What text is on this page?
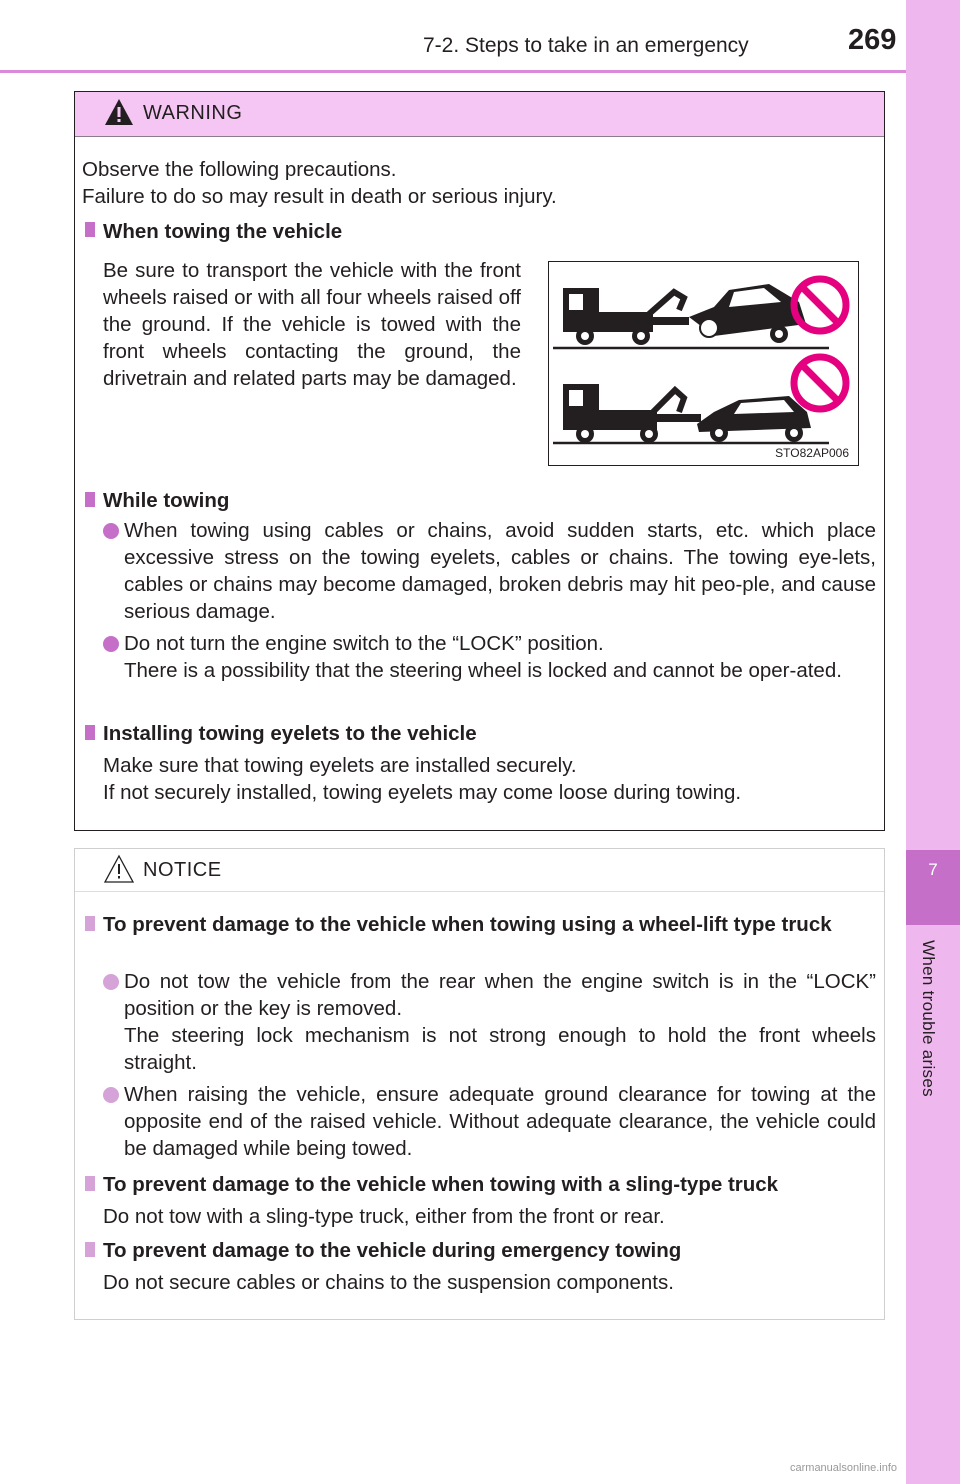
7-2. Steps to take in an emergency	269
7
When trouble arises
WARNING
Observe the following precautions.
Failure to do so may result in death or serious injury.
When towing the vehicle
Be sure to transport the vehicle with the front wheels raised or with all four wheels raised off the ground. If the vehicle is towed with the front wheels contacting the ground, the drivetrain and related parts may be damaged.
STO82AP006
While towing
When towing using cables or chains, avoid sudden starts, etc. which place excessive stress on the towing eyelets, cables or chains. The towing eye-lets, cables or chains may become damaged, broken debris may hit peo-ple, and cause serious damage.
Do not turn the engine switch to the “LOCK” position.
There is a possibility that the steering wheel is locked and cannot be oper-ated.
Installing towing eyelets to the vehicle
Make sure that towing eyelets are installed securely.
If not securely installed, towing eyelets may come loose during towing.
NOTICE
To prevent damage to the vehicle when towing using a wheel-lift type truck
Do not tow the vehicle from the rear when the engine switch is in the “LOCK” position or the key is removed.
The steering lock mechanism is not strong enough to hold the front wheels straight.
When raising the vehicle, ensure adequate ground clearance for towing at the opposite end of the raised vehicle. Without adequate clearance, the vehicle could be damaged while being towed.
To prevent damage to the vehicle when towing with a sling-type truck
Do not tow with a sling-type truck, either from the front or rear.
To prevent damage to the vehicle during emergency towing
Do not secure cables or chains to the suspension components.
carmanualsonline.info
